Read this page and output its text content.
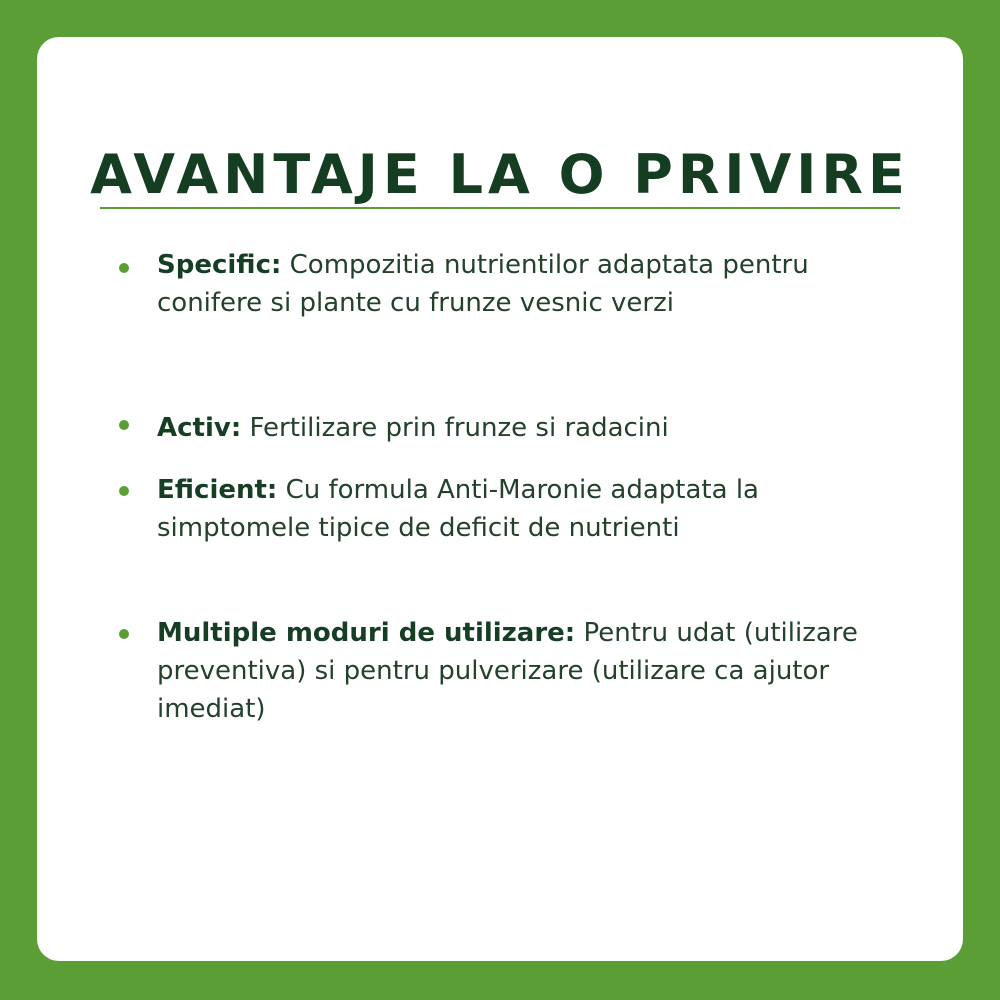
AVANTAJE LA O PRIVIRE
Specific: Compozitia nutrientilor adaptata pentru conifere si plante cu frunze vesnic verzi
Activ: Fertilizare prin frunze si radacini
Eficient: Cu formula Anti-Maronie adaptata la simptomele tipice de deficit de nutrienti
Multiple moduri de utilizare: Pentru udat (utilizare preventiva) si pentru pulverizare (utilizare ca ajutor imediat)
